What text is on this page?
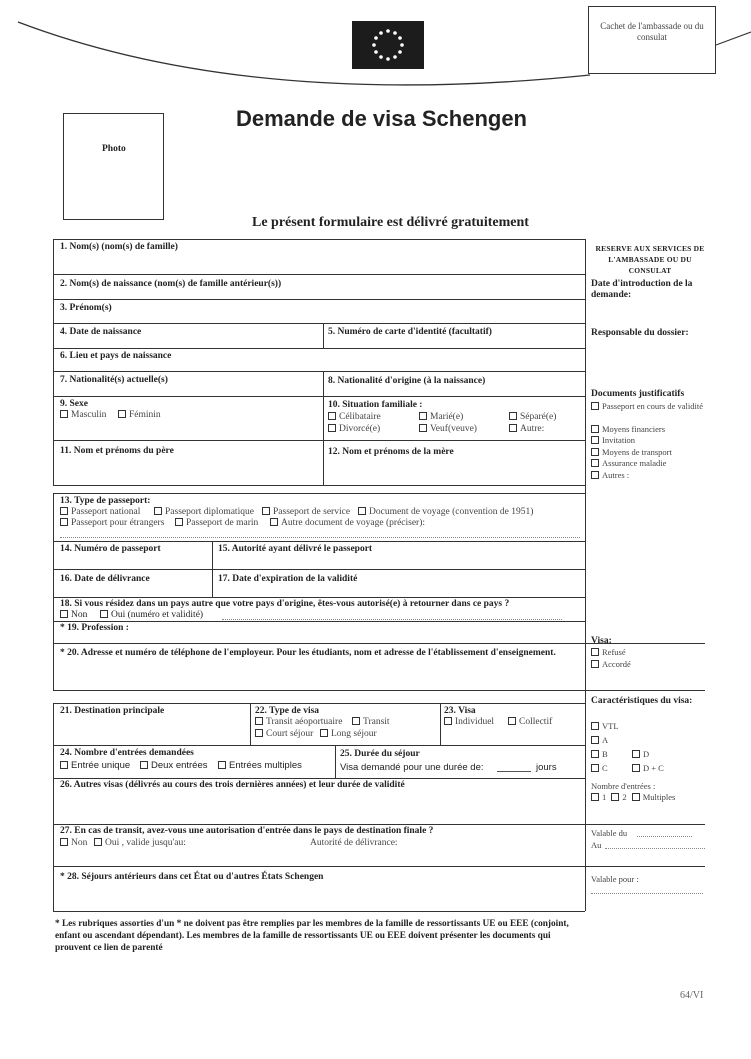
Cachet de l'ambassade ou du consulat
Photo
Demande de visa Schengen
Le présent formulaire est délivré gratuitement
1. Nom(s) (nom(s) de famille)
2. Nom(s) de naissance (nom(s) de famille antérieur(s))
3. Prénom(s)
4. Date de naissance	5. Numéro de carte d'identité (facultatif)
6. Lieu et pays de naissance
7. Nationalité(s) actuelle(s)	8. Nationalité d'origine (à la naissance)
9. Sexe
Masculin	Féminin
10. Situation familiale :
Célibataire	Marié(e)	Séparé(e)
Divorcé(e)	Veuf(veuve)	Autre:
11. Nom et prénoms du père	12. Nom et prénoms de la mère
13. Type de passeport:
Passeport national	Passeport diplomatique	Passeport de service	Document de voyage (convention de 1951)
Passeport pour étrangers	Passeport de marin	Autre document de voyage (préciser):
14. Numéro de passeport	15. Autorité ayant délivré le passeport
16. Date de délivrance	17. Date d'expiration de la validité
18. Si vous résidez dans un pays autre que votre pays d'origine, êtes-vous autorisé(e) à retourner dans ce pays ?
Non	Oui (numéro et validité)
* 19. Profession :
* 20. Adresse et numéro de téléphone de l'employeur. Pour les étudiants, nom et adresse de l'établissement d'enseignement.
21. Destination principale	22. Type de visa
Transit aéoportuaire	Transit
Court séjour	Long séjour
23. Visa
Individuel	Collectif
24. Nombre d'entrées demandées
Entrée unique	Deux entrées	Entrées multiples
25. Durée du séjour
Visa demandé pour une durée de:	jours
26. Autres visas (délivrés au cours des trois dernières années) et leur durée de validité
27. En cas de transit, avez-vous une autorisation d'entrée dans le pays de destination finale ?
Non	Oui , valide jusqu'au:	Autorité de délivrance:
* 28. Séjours antérieurs dans cet État ou d'autres États Schengen
RESERVE AUX SERVICES DE L'AMBASSADE OU DU CONSULAT
Date d'introduction de la demande:
Responsable du dossier:
Documents justificatifs
Passeport en cours de validité
Moyens financiers
Invitation
Moyens de transport
Assurance maladie
Autres :
Visa:
Refusé
Accordé
Caractéristiques du visa:
VTL
A
B	D
C	D + C
Nombre d'entrées :
1 2 Multiples
Valable du
Au
Valable pour :
* Les rubriques assorties d'un * ne doivent pas être remplies par les membres de la famille de ressortissants UE ou EEE (conjoint, enfant ou ascendant dépendant). Les membres de la famille de ressortissants UE ou EEE doivent présenter les documents qui prouvent ce lien de parenté
64/VI
